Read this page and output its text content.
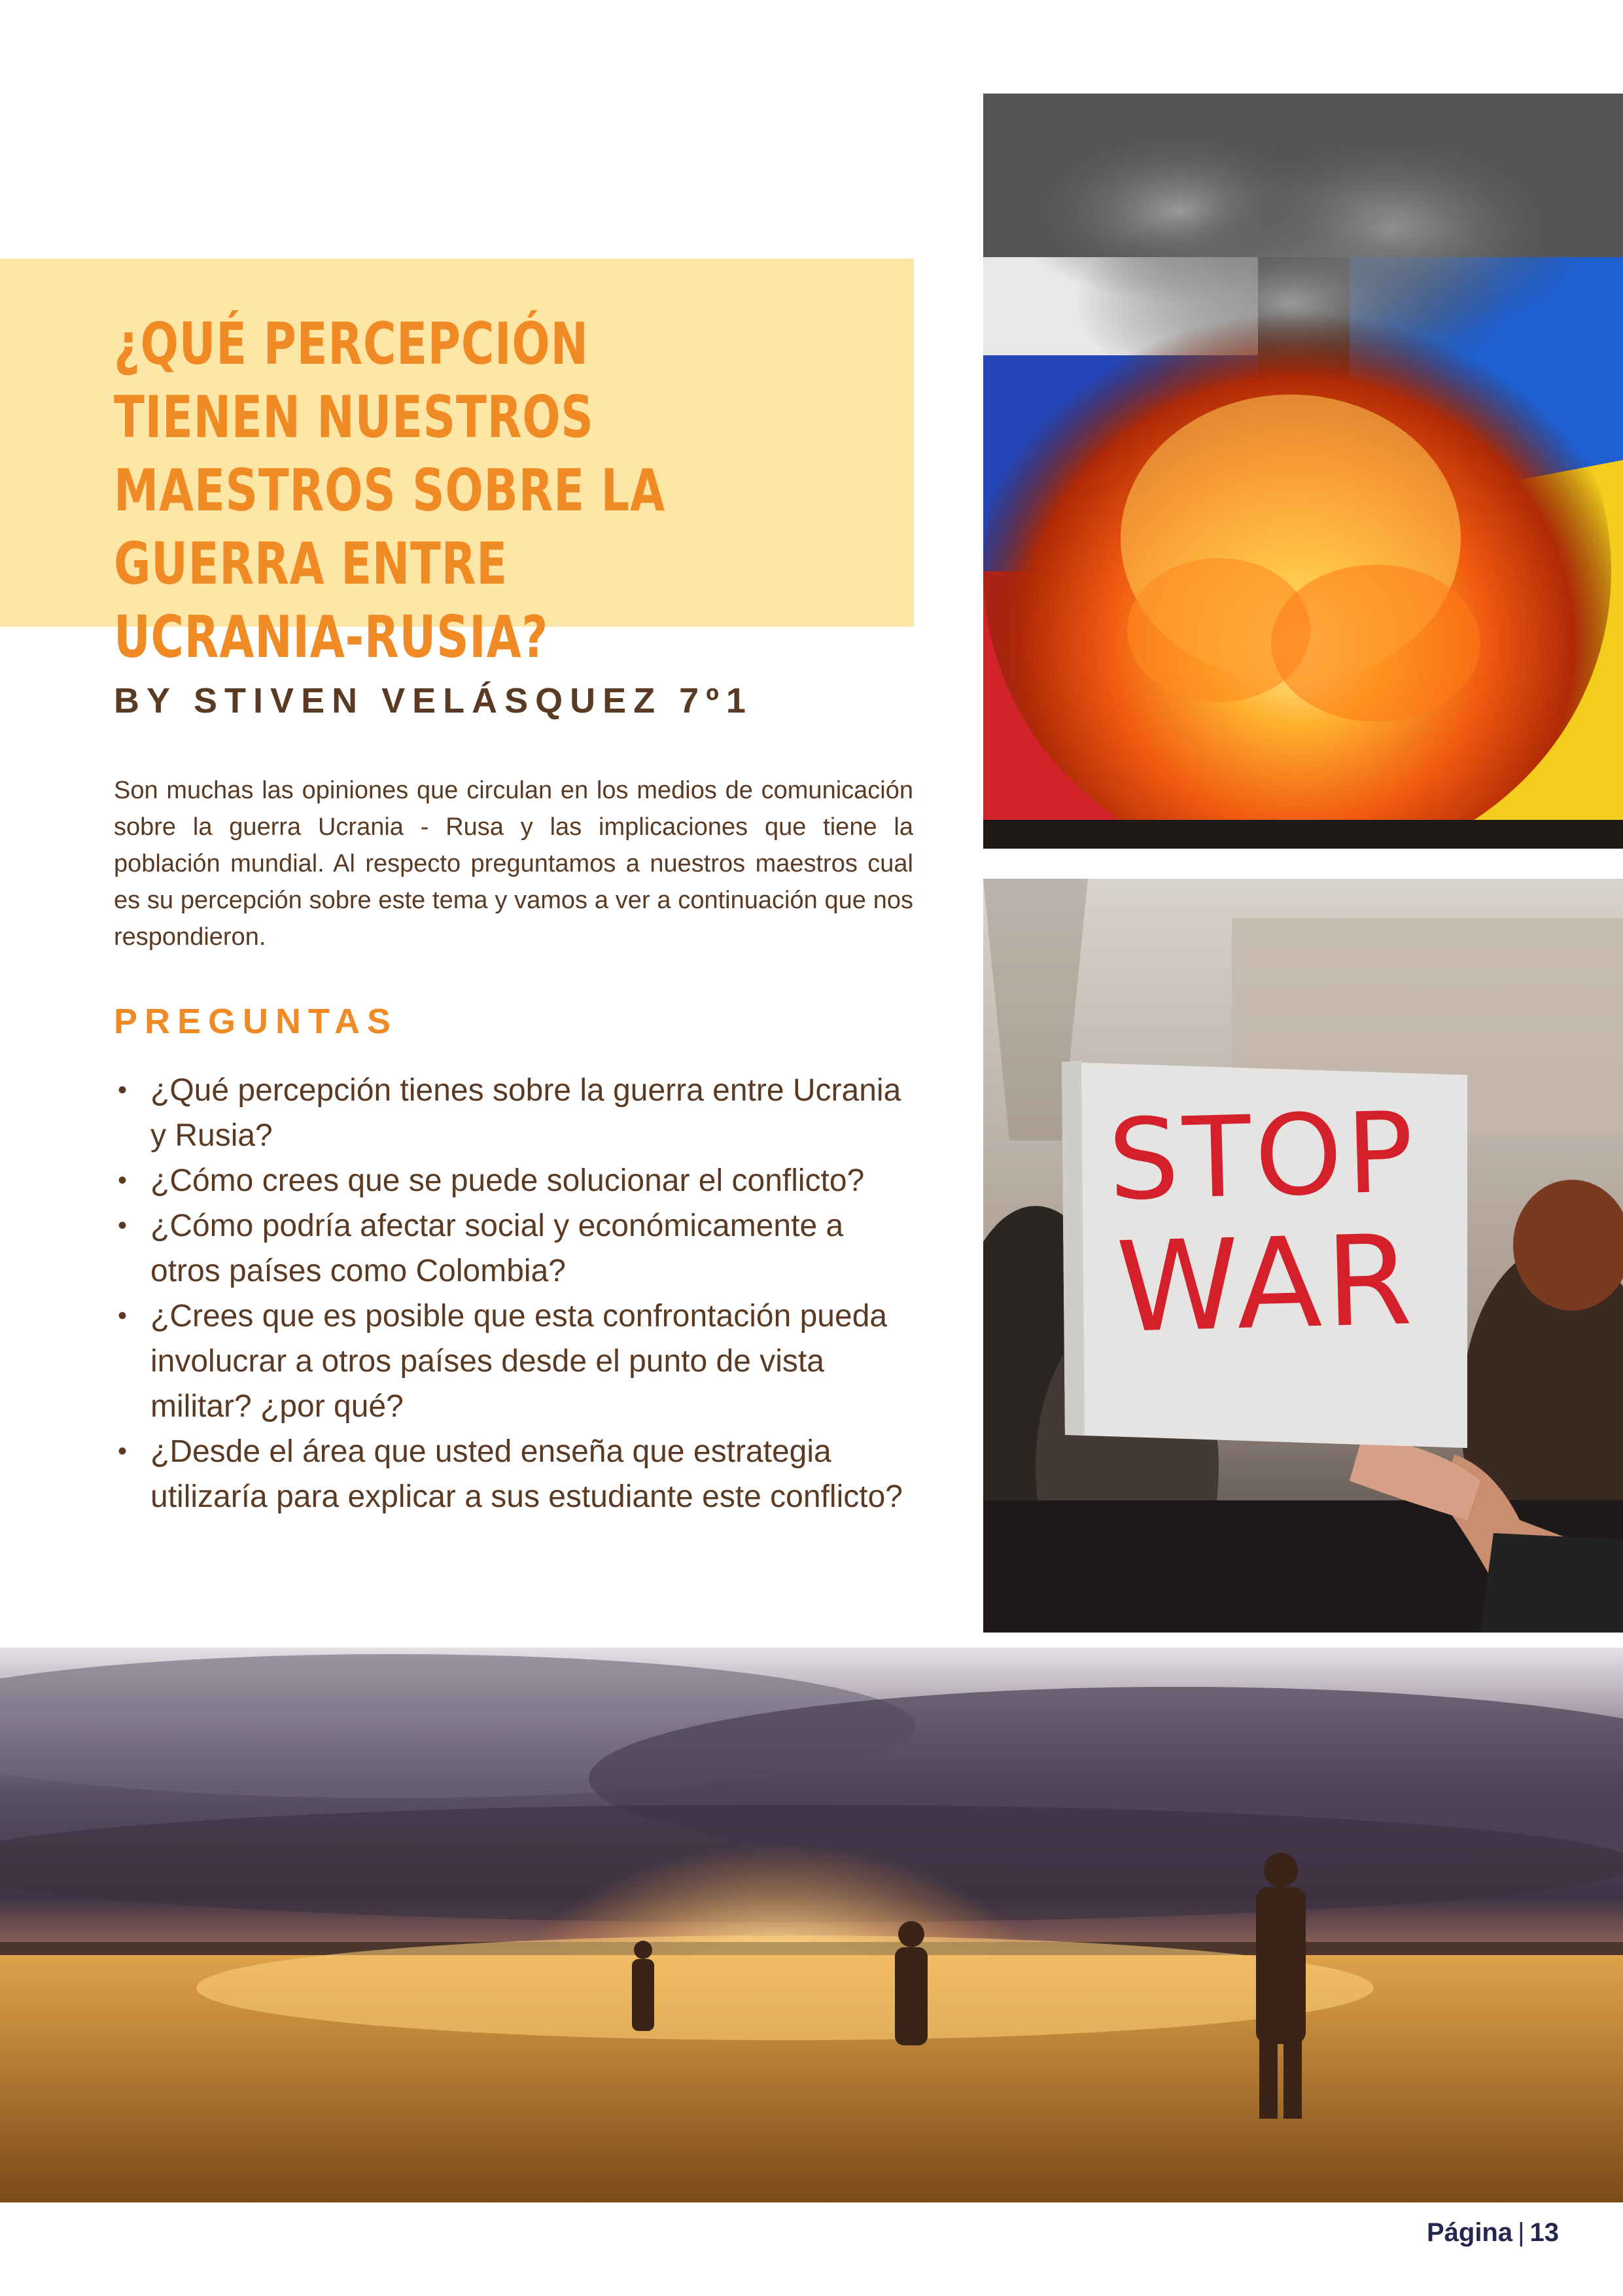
¿QUÉ PERCEPCIÓN TIENEN NUESTROS MAESTROS SOBRE LA GUERRA ENTRE UCRANIA-RUSIA?
BY STIVEN VELÁSQUEZ 7º1

Son muchas las opiniones que circulan en los medios de comunicación sobre la guerra Ucrania - Rusa y las implicaciones que tiene la población mundial. Al respecto preguntamos a nuestros maestros cual es su percepción sobre este tema y vamos a ver a continuación que nos respondieron.

PREGUNTAS
• ¿Qué percepción tienes sobre la guerra entre Ucrania y Rusia?
• ¿Cómo crees que se puede solucionar el conflicto?
• ¿Cómo podría afectar social y económicamente a otros países como Colombia?
• ¿Crees que es posible que esta confrontación pueda involucrar a otros países desde el punto de vista militar? ¿por qué?
• ¿Desde el área que usted enseña que estrategia utilizaría para explicar a sus estudiante este conflicto?
STOP
WAR
Página | 13
